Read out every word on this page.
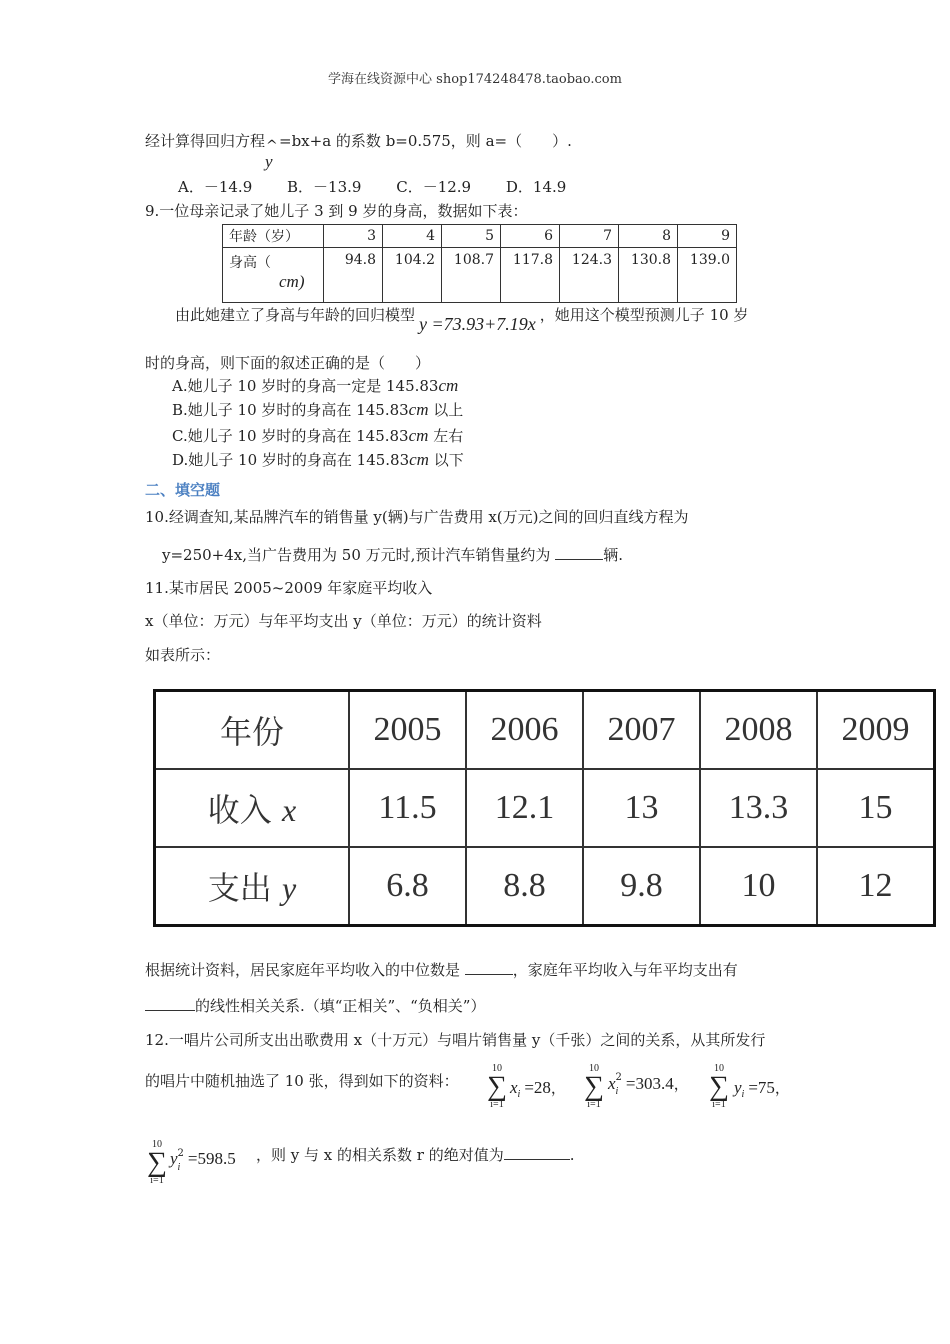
学海在线资源中心 shop174248478.taobao.com
经计算得回归方程 ^
y
=bx+a 的系数 b=0.575，则 a=（　　）.
A．－14.9 B．－13.9 C．－12.9 D．14.9
9.一位母亲记录了她儿子 3 到 9 岁的身高，数据如下表：
年龄（岁）	3	4	5	6	7	8	9
身高（
cm)	94.8	104.2	108.7	117.8	124.3	130.8	139.0
由此她建立了身高与年龄的回归模型 y =73.93+7.19x ，她用这个模型预测儿子 10 岁
时的身高，则下面的叙述正确的是（　　）
A.她儿子 10 岁时的身高一定是 145.83cm
B.她儿子 10 岁时的身高在 145.83cm 以上
C.她儿子 10 岁时的身高在 145.83cm 左右
D.她儿子 10 岁时的身高在 145.83cm 以下
二、填空题
10.经调查知,某品牌汽车的销售量 y(辆)与广告费用 x(万元)之间的回归直线方程为
y=250+4x,当广告费用为 50 万元时,预计汽车销售量约为	辆.
11.某市居民 2005~2009 年家庭平均收入
x（单位：万元）与年平均支出 y（单位：万元）的统计资料
如表所示：
年份	2005	2006	2007	2008	2009
收入 x	11.5	12.1	13	13.3	15
支出 y	6.8	8.8	9.8	10	12
根据统计资料，居民家庭年平均收入的中位数是	，家庭年平均收入与年平均支出有
的线性相关关系.（填“正相关”、“负相关”）
12.一唱片公司所支出出歌费用 x（十万元）与唱片销售量 y（千张）之间的关系，从其所发行
的唱片中随机抽选了 10 张，得到如下的资料：
10
∑
i=1
$x_i =28$，
10
∑
i=1
x 2
i =303.4，
10
∑
i=1
$y_i =75$，
10
∑
i=1
y 2
i =598.5 ，则 y 与 x 的相关系数 r 的绝对值为	.
